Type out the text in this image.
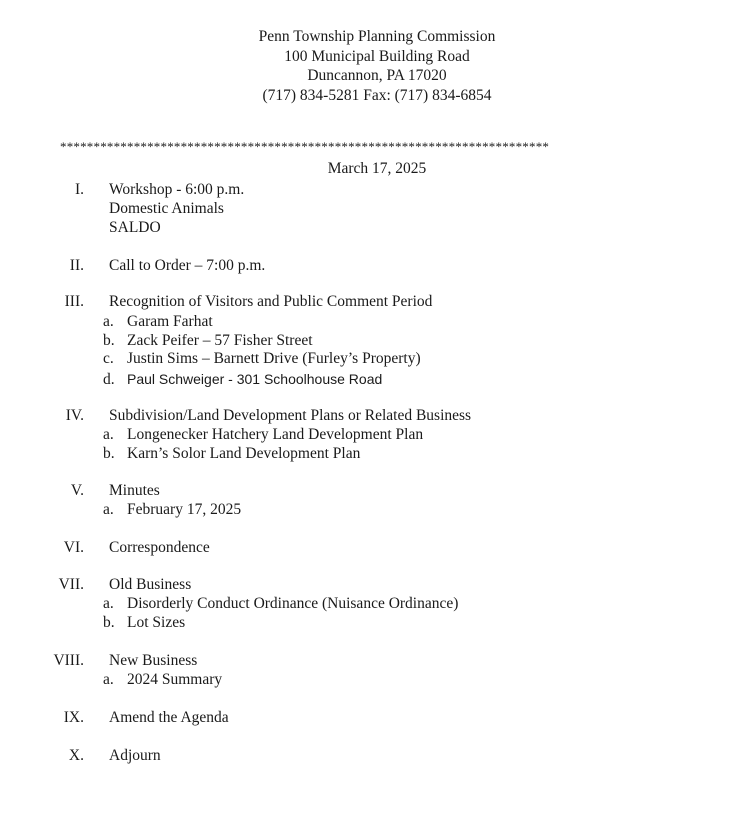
Penn Township Planning Commission
100 Municipal Building Road
Duncannon, PA 17020
(717) 834-5281 Fax: (717) 834-6854
*************************************************************************
March 17, 2025
I. Workshop - 6:00 p.m.
Domestic Animals
SALDO
II. Call to Order – 7:00 p.m.
III. Recognition of Visitors and Public Comment Period
a. Garam Farhat
b. Zack Peifer – 57 Fisher Street
c. Justin Sims – Barnett Drive (Furley’s Property)
d. Paul Schweiger - 301 Schoolhouse Road
IV. Subdivision/Land Development Plans or Related Business
a. Longenecker Hatchery Land Development Plan
b. Karn’s Solor Land Development Plan
V. Minutes
a. February 17, 2025
VI. Correspondence
VII. Old Business
a. Disorderly Conduct Ordinance (Nuisance Ordinance)
b. Lot Sizes
VIII. New Business
a. 2024 Summary
IX. Amend the Agenda
X. Adjourn
